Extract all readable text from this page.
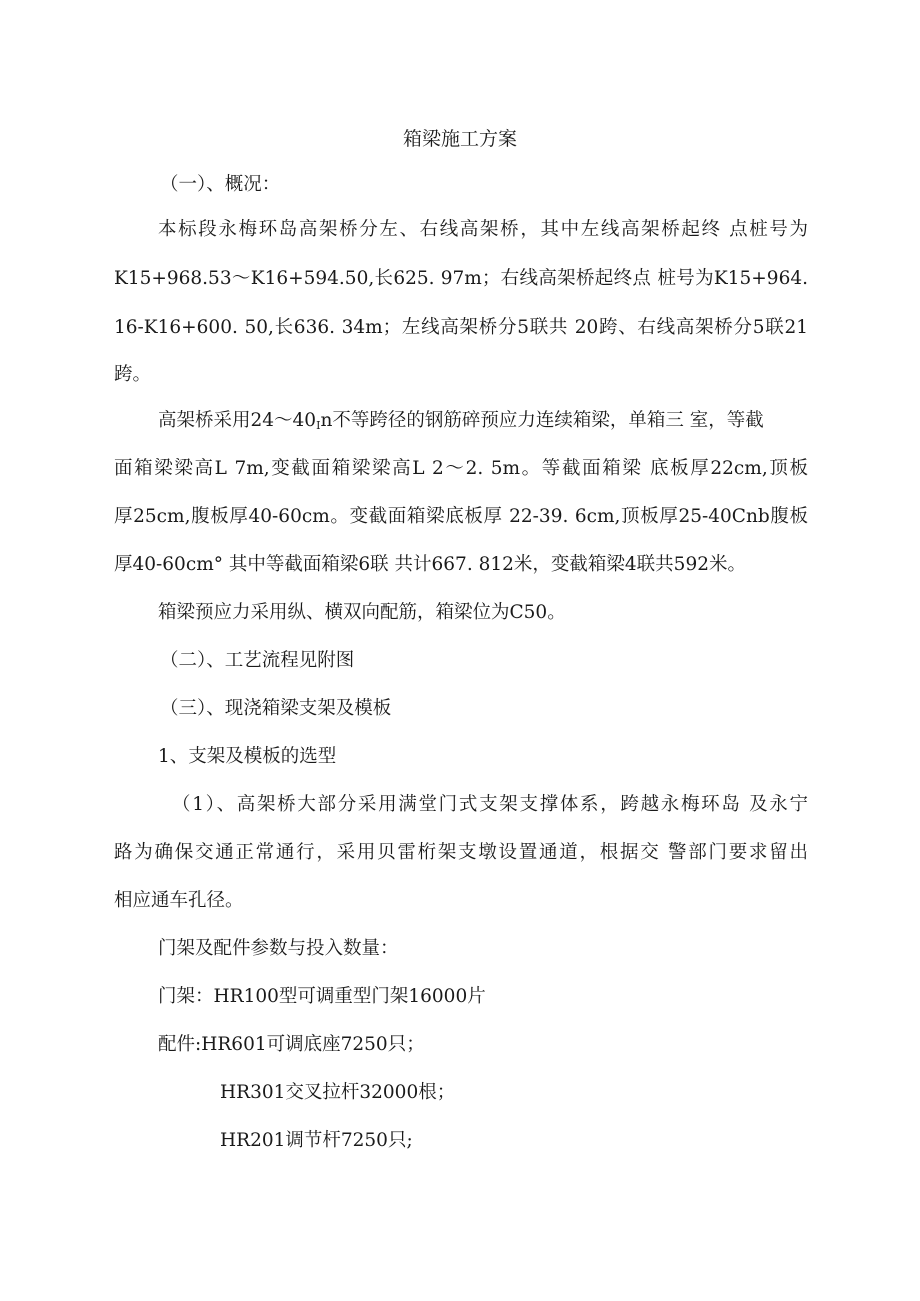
箱梁施工方案

（一）、概况：

本标段永梅环岛高架桥分左、右线高架桥，其中左线高架桥起终 点桩号为

K15+968.53～K16+594.50,长625. 97m；右线高架桥起终点 桩号为K15+964.

16-K16+600. 50,长636. 34m；左线高架桥分5联共 20跨、右线高架桥分5联21

跨。

高架桥采用$24\sim 40_In$不等跨径的钢筋碎预应力连续箱梁，单箱三 室，等截

面箱梁梁高L 7m,变截面箱梁梁高L 2～2. 5m。等截面箱梁 底板厚22cm,顶板

厚25cm,腹板厚40-60cm。变截面箱梁底板厚 22-39. 6cm,顶板厚25-40Cnb腹板

厚40-60cm° 其中等截面箱梁6联 共计667. 812米，变截箱梁4联共592米。

箱梁预应力采用纵、横双向配筋，箱梁位为C50。

（二）、工艺流程见附图

（三）、现浇箱梁支架及模板

1、支架及模板的选型

（1）、高架桥大部分采用满堂门式支架支撑体系，跨越永梅环岛 及永宁

路为确保交通正常通行，采用贝雷桁架支墩设置通道，根据交 警部门要求留出

相应通车孔径。

门架及配件参数与投入数量：

门架：HR100型可调重型门架16000片

配件:HR601可调底座7250只；

HR301交叉拉杆32000根；

HR201调节杆7250只;
